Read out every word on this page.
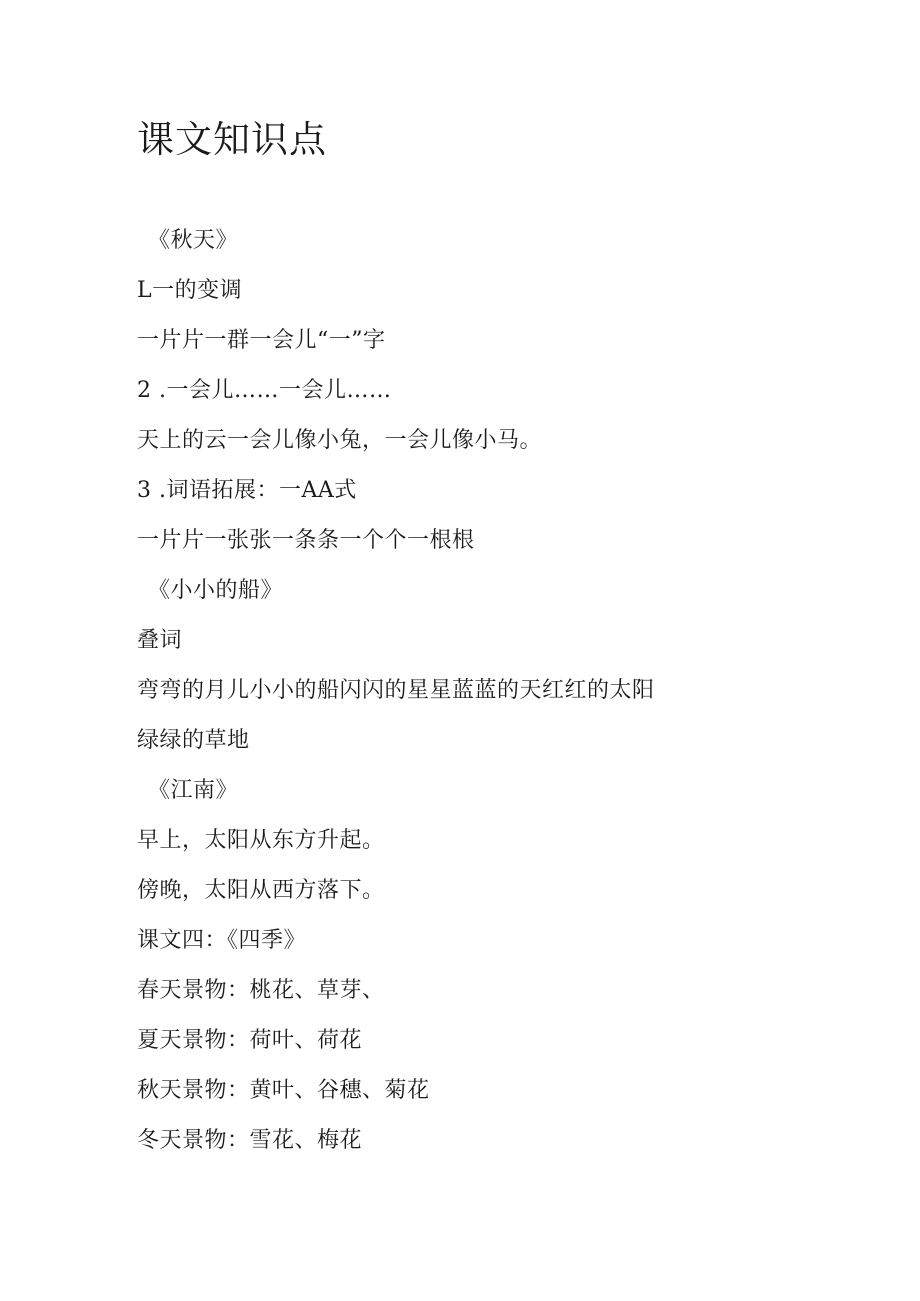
课文知识点
《秋天》
L一的变调
一片片一群一会儿“一”字
2 .一会儿……一会儿……
天上的云一会儿像小兔，一会儿像小马。
3 .词语拓展：一AA式
一片片一张张一条条一个个一根根
《小小的船》
叠词
弯弯的月儿小小的船闪闪的星星蓝蓝的天红红的太阳
绿绿的草地
《江南》
早上，太阳从东方升起。
傍晚，太阳从西方落下。
课文四：《四季》
春天景物：桃花、草芽、
夏天景物：荷叶、荷花
秋天景物：黄叶、谷穗、菊花
冬天景物：雪花、梅花
